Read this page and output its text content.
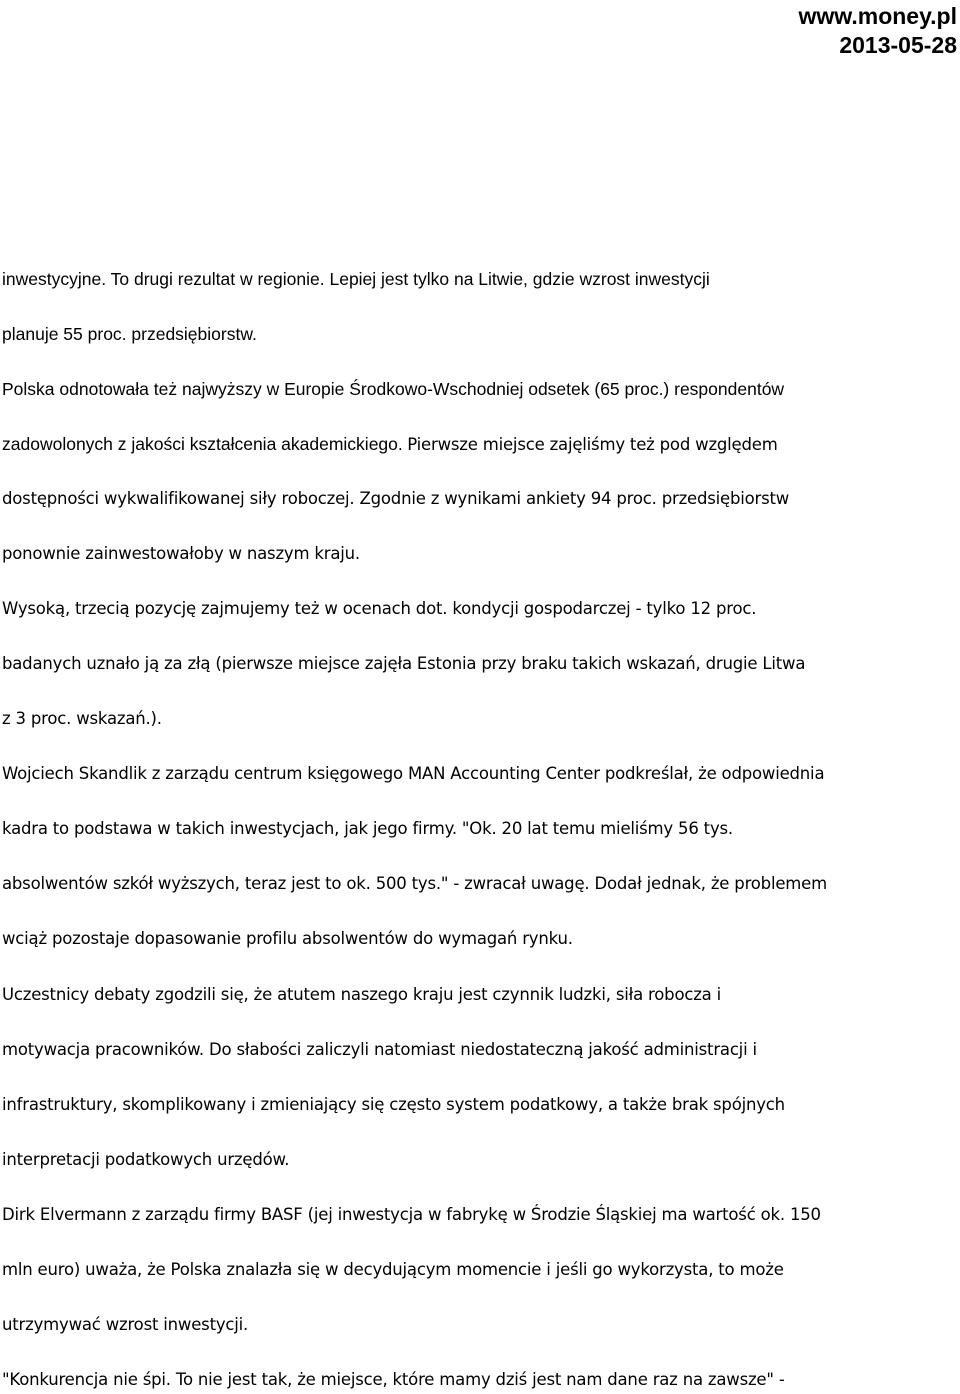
www.money.pl
2013-05-28
inwestycyjne. To drugi rezultat w regionie. Lepiej jest tylko na Litwie, gdzie wzrost inwestycji
planuje 55 proc. przedsiębiorstw.
Polska odnotowała też najwyższy w Europie Środkowo-Wschodniej odsetek (65 proc.) respondentów
zadowolonych z jakości kształcenia akademickiego. Pierwsze miejsce zajęliśmy też pod względem
dostępności wykwalifikowanej siły roboczej. Zgodnie z wynikami ankiety 94 proc. przedsiębiorstw
ponownie zainwestowałoby w naszym kraju.
Wysoką, trzecią pozycję zajmujemy też w ocenach dot. kondycji gospodarczej - tylko 12 proc.
badanych uznało ją za złą (pierwsze miejsce zajęła Estonia przy braku takich wskazań, drugie Litwa
z 3 proc. wskazań.).
Wojciech Skandlik z zarządu centrum księgowego MAN Accounting Center podkreślał, że odpowiednia
kadra to podstawa w takich inwestycjach, jak jego firmy. "Ok. 20 lat temu mieliśmy 56 tys.
absolwentów szkół wyższych, teraz jest to ok. 500 tys." - zwracał uwagę. Dodał jednak, że problemem
wciąż pozostaje dopasowanie profilu absolwentów do wymagań rynku.
Uczestnicy debaty zgodzili się, że atutem naszego kraju jest czynnik ludzki, siła robocza i
motywacja pracowników. Do słabości zaliczyli natomiast niedostateczną jakość administracji i
infrastruktury, skomplikowany i zmieniający się często system podatkowy, a także brak spójnych
interpretacji podatkowych urzędów.
Dirk Elvermann z zarządu firmy BASF (jej inwestycja w fabrykę w Środzie Śląskiej ma wartość ok. 150
mln euro) uważa, że Polska znalazła się w decydującym momencie i jeśli go wykorzysta, to może
utrzymywać wzrost inwestycji.
"Konkurencja nie śpi. To nie jest tak, że miejsce, które mamy dziś jest nam dane raz na zawsze" -
